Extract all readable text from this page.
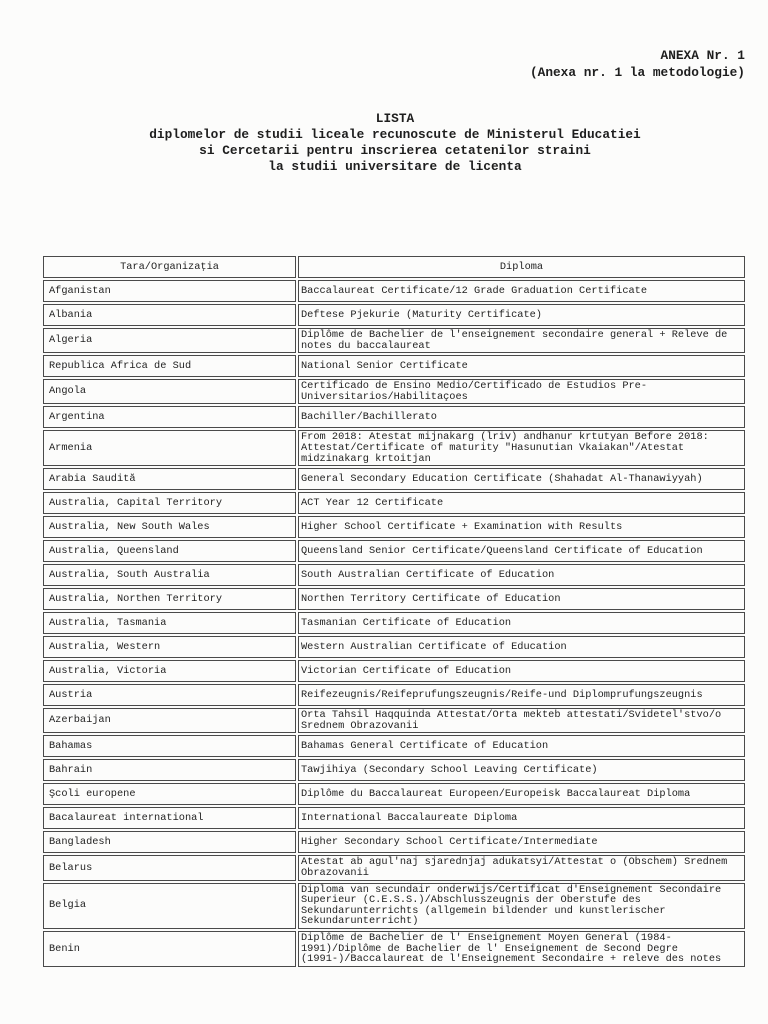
ANEXA Nr. 1
(Anexa nr. 1 la metodologie)
LISTA
diplomelor de studii liceale recunoscute de Ministerul Educatiei
si Cercetarii pentru inscrierea cetatenilor straini
la studii universitare de licenta
Tara/Organizaţia	Diploma
Afganistan	Baccalaureat Certificate/12 Grade Graduation Certificate
Albania	Deftese Pjekurie (Maturity Certificate)
Algeria	Diplôme de Bachelier de l'enseignement secondaire general + Releve de notes du baccalaureat
Republica Africa de Sud	National Senior Certificate
Angola	Certificado de Ensino Medio/Certificado de Estudios Pre-Universitarios/Habilitaçoes
Argentina	Bachiller/Bachillerato
Armenia	From 2018: Atestat mijnakarg (lriv) andhanur krtutyan Before 2018: Attestat/Certificate of maturity "Hasunutian Vkaiakan"/Atestat midzinakarg krtoitjan
Arabia Saudită	General Secondary Education Certificate (Shahadat Al-Thanawiyyah)
Australia, Capital Territory	ACT Year 12 Certificate
Australia, New South Wales	Higher School Certificate + Examination with Results
Australia, Queensland	Queensland Senior Certificate/Queensland Certificate of Education
Australia, South Australia	South Australian Certificate of Education
Australia, Northen Territory	Northen Territory Certificate of Education
Australia, Tasmania	Tasmanian Certificate of Education
Australia, Western	Western Australian Certificate of Education
Australia, Victoria	Victorian Certificate of Education
Austria	Reifezeugnis/Reifeprufungszeugnis/Reife-und Diplomprufungszeugnis
Azerbaijan	Orta Tahsil Haqquinda Attestat/Orta mekteb attestati/Svidetel'stvo/o Srednem Obrazovanii
Bahamas	Bahamas General Certificate of Education
Bahrain	Tawjihiya (Secondary School Leaving Certificate)
Şcoli europene	Diplôme du Baccalaureat Europeen/Europeisk Baccalaureat Diploma
Bacalaureat international	International Baccalaureate Diploma
Bangladesh	Higher Secondary School Certificate/Intermediate
Belarus	Atestat ab agul'naj sjarednjaj adukatsyi/Attestat o (Obschem) Srednem Obrazovanii
Belgia	Diploma van secundair onderwijs/Certificat d'Enseignement Secondaire Superieur (C.E.S.S.)/Abschlusszeugnis der Oberstufe des Sekundarunterrichts (allgemein bildender und kunstlerischer Sekundarunterricht)
Benin	Diplôme de Bachelier de l' Enseignement Moyen General (1984-1991)/Diplôme de Bachelier de l' Enseignement de Second Degre (1991-)/Baccalaureat de l'Enseignement Secondaire + releve des notes
